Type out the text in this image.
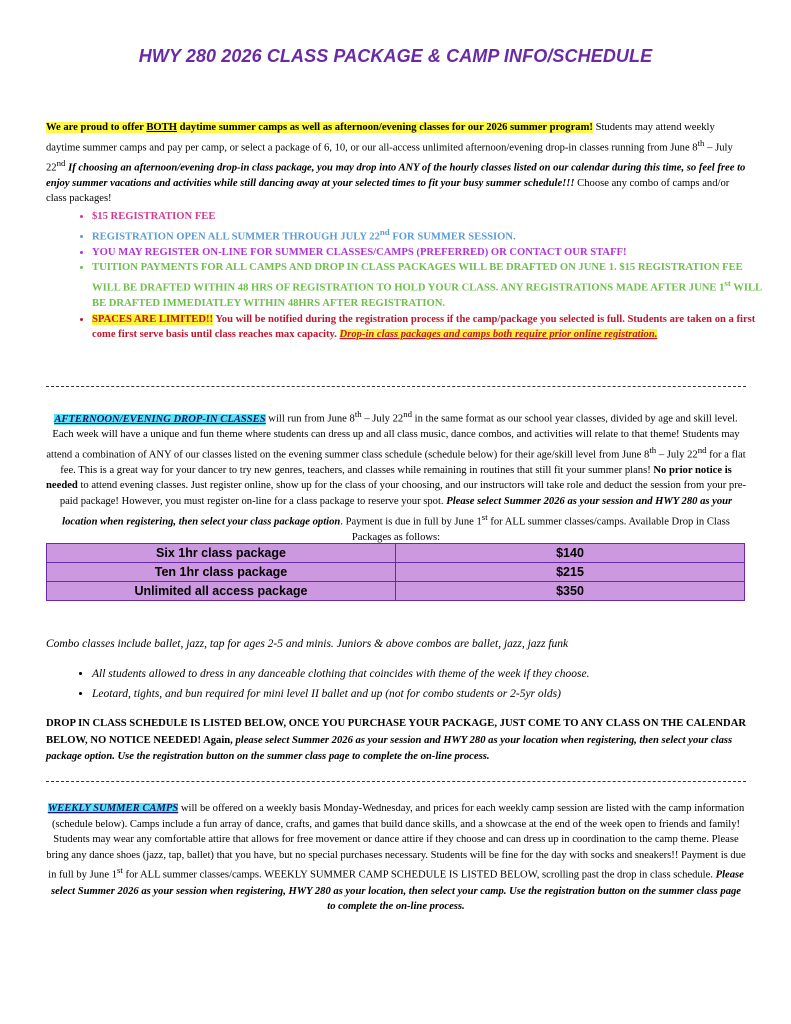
HWY 280 2026 CLASS PACKAGE & CAMP INFO/SCHEDULE
We are proud to offer BOTH daytime summer camps as well as afternoon/evening classes for our 2026 summer program! Students may attend weekly daytime summer camps and pay per camp, or select a package of 6, 10, or our all-access unlimited afternoon/evening drop-in classes running from June 8th – July 22nd If choosing an afternoon/evening drop-in class package, you may drop into ANY of the hourly classes listed on our calendar during this time, so feel free to enjoy summer vacations and activities while still dancing away at your selected times to fit your busy summer schedule!!! Choose any combo of camps and/or class packages!
• $15 REGISTRATION FEE
• REGISTRATION OPEN ALL SUMMER THROUGH JULY 22nd FOR SUMMER SESSION.
• YOU MAY REGISTER ON-LINE FOR SUMMER CLASSES/CAMPS (PREFERRED) OR CONTACT OUR STAFF!
• TUITION PAYMENTS FOR ALL CAMPS AND DROP IN CLASS PACKAGES WILL BE DRAFTED ON JUNE 1. $15 REGISTRATION FEE WILL BE DRAFTED WITHIN 48 HRS OF REGISTRATION TO HOLD YOUR CLASS. ANY REGISTRATIONS MADE AFTER JUNE 1st WILL BE DRAFTED IMMEDIATLEY WITHIN 48HRS AFTER REGISTRATION.
• SPACES ARE LIMITED!! You will be notified during the registration process if the camp/package you selected is full. Students are taken on a first come first serve basis until class reaches max capacity. Drop-in class packages and camps both require prior online registration.
AFTERNOON/EVENING DROP-IN CLASSES will run from June 8th – July 22nd in the same format as our school year classes, divided by age and skill level. Each week will have a unique and fun theme where students can dress up and all class music, dance combos, and activities will relate to that theme! Students may attend a combination of ANY of our classes listed on the evening summer class schedule (schedule below) for their age/skill level from June 8th – July 22nd for a flat fee. This is a great way for your dancer to try new genres, teachers, and classes while remaining in routines that still fit your summer plans! No prior notice is needed to attend evening classes. Just register online, show up for the class of your choosing, and our instructors will take role and deduct the session from your pre-paid package! However, you must register on-line for a class package to reserve your spot. Please select Summer 2026 as your session and HWY 280 as your location when registering, then select your class package option. Payment is due in full by June 1st for ALL summer classes/camps. Available Drop in Class Packages as follows:
Six 1hr class package	$140
Ten 1hr class package	$215
Unlimited all access package	$350
Combo classes include ballet, jazz, tap for ages 2-5 and minis. Juniors & above combos are ballet, jazz, jazz funk
• All students allowed to dress in any danceable clothing that coincides with theme of the week if they choose.
• Leotard, tights, and bun required for mini level II ballet and up (not for combo students or 2-5yr olds)
DROP IN CLASS SCHEDULE IS LISTED BELOW, ONCE YOU PURCHASE YOUR PACKAGE, JUST COME TO ANY CLASS ON THE CALENDAR BELOW, NO NOTICE NEEDED! Again, please select Summer 2026 as your session and HWY 280 as your location when registering, then select your class package option. Use the registration button on the summer class page to complete the on-line process.
WEEKLY SUMMER CAMPS will be offered on a weekly basis Monday-Wednesday, and prices for each weekly camp session are listed with the camp information (schedule below). Camps include a fun array of dance, crafts, and games that build dance skills, and a showcase at the end of the week open to friends and family! Students may wear any comfortable attire that allows for free movement or dance attire if they choose and can dress up in coordination to the camp theme. Please bring any dance shoes (jazz, tap, ballet) that you have, but no special purchases necessary. Students will be fine for the day with socks and sneakers!! Payment is due in full by June 1st for ALL summer classes/camps. WEEKLY SUMMER CAMP SCHEDULE IS LISTED BELOW, scrolling past the drop in class schedule. Please select Summer 2026 as your session when registering, HWY 280 as your location, then select your camp. Use the registration button on the summer class page to complete the on-line process.
